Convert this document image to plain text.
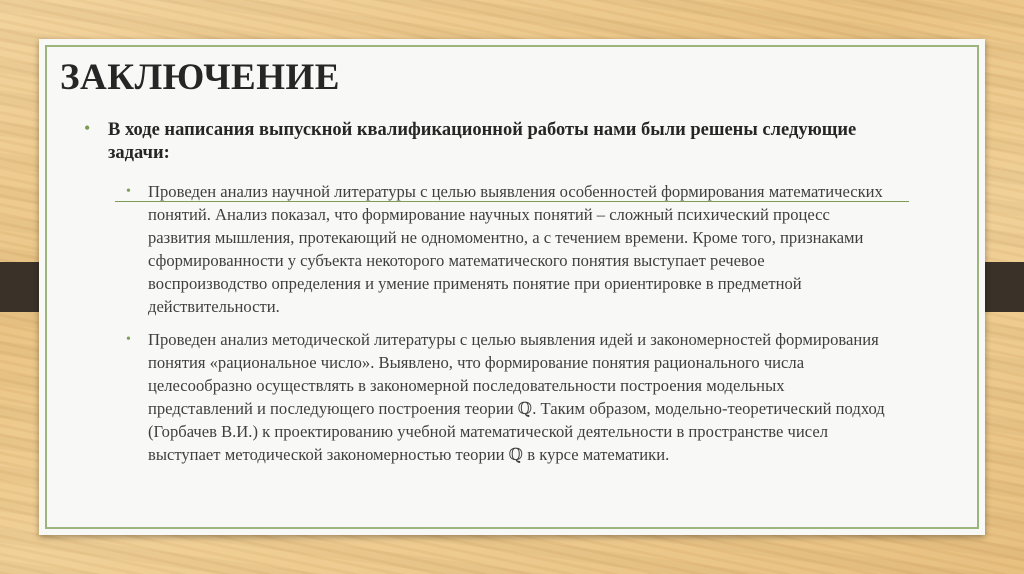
ЗАКЛЮЧЕНИЕ
• В ходе написания выпускной квалификационной работы нами были решены следующие задачи:
• Проведен анализ научной литературы с целью выявления особенностей формирования математических понятий. Анализ показал, что формирование научных понятий – сложный психический процесс развития мышления, протекающий не одномоментно, а с течением времени. Кроме того, признаками сформированности у субъекта некоторого математического понятия выступает речевое воспроизводство определения и умение применять понятие при ориентировке в предметной действительности.
• Проведен анализ методической литературы с целью выявления идей и закономерностей формирования понятия «рациональное число». Выявлено, что формирование понятия рационального числа целесообразно осуществлять в закономерной последовательности построения модельных представлений и последующего построения теории ℚ. Таким образом, модельно-теоретический подход (Горбачев В.И.) к проектированию учебной математической деятельности в пространстве чисел выступает методической закономерностью теории ℚ в курсе математики.
